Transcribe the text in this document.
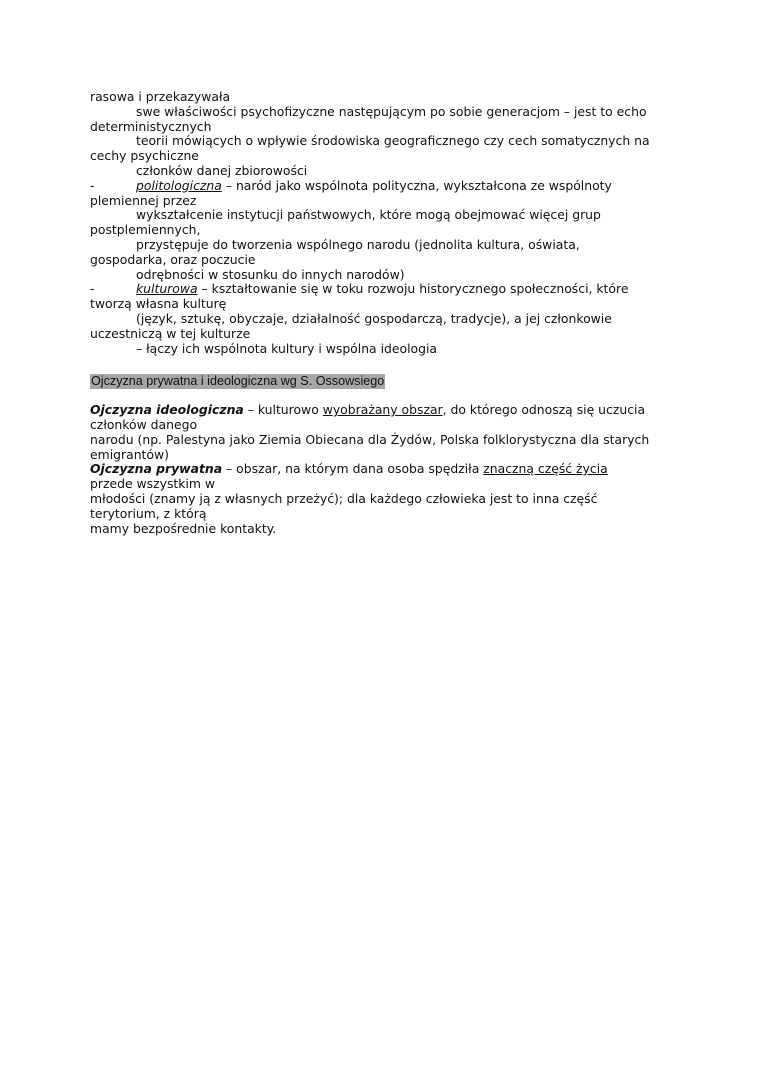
rasowa i przekazywała
swe właściwości psychofizyczne następującym po sobie generacjom – jest to echo
deterministycznych
teorii mówiących o wpływie środowiska geograficznego czy cech somatycznych na
cechy psychiczne
członków danej zbiorowości
-	politologiczna – naród jako wspólnota polityczna, wykształcona ze wspólnoty
plemiennej przez
wykształcenie instytucji państwowych, które mogą obejmować więcej grup
postplemiennych,
przystępuje do tworzenia wspólnego narodu (jednolita kultura, oświata,
gospodarka, oraz poczucie
odrębności w stosunku do innych narodów)
-	kulturowa – kształtowanie się w toku rozwoju historycznego społeczności, które
tworzą własna kulturę
(język, sztukę, obyczaje, działalność gospodarczą, tradycje), a jej członkowie
uczestniczą w tej kulturze
– łączy ich wspólnota kultury i wspólna ideologia
Ojczyzna prywatna i ideologiczna wg S. Ossowsiego
Ojczyzna ideologiczna – kulturowo wyobrażany obszar, do którego odnoszą się uczucia
członków danego
narodu (np. Palestyna jako Ziemia Obiecana dla Żydów, Polska folklorystyczna dla starych
emigrantów)
Ojczyzna prywatna – obszar, na którym dana osoba spędziła znaczną część życia
przede wszystkim w
młodości (znamy ją z własnych przeżyć); dla każdego człowieka jest to inna część
terytorium, z którą
mamy bezpośrednie kontakty.
